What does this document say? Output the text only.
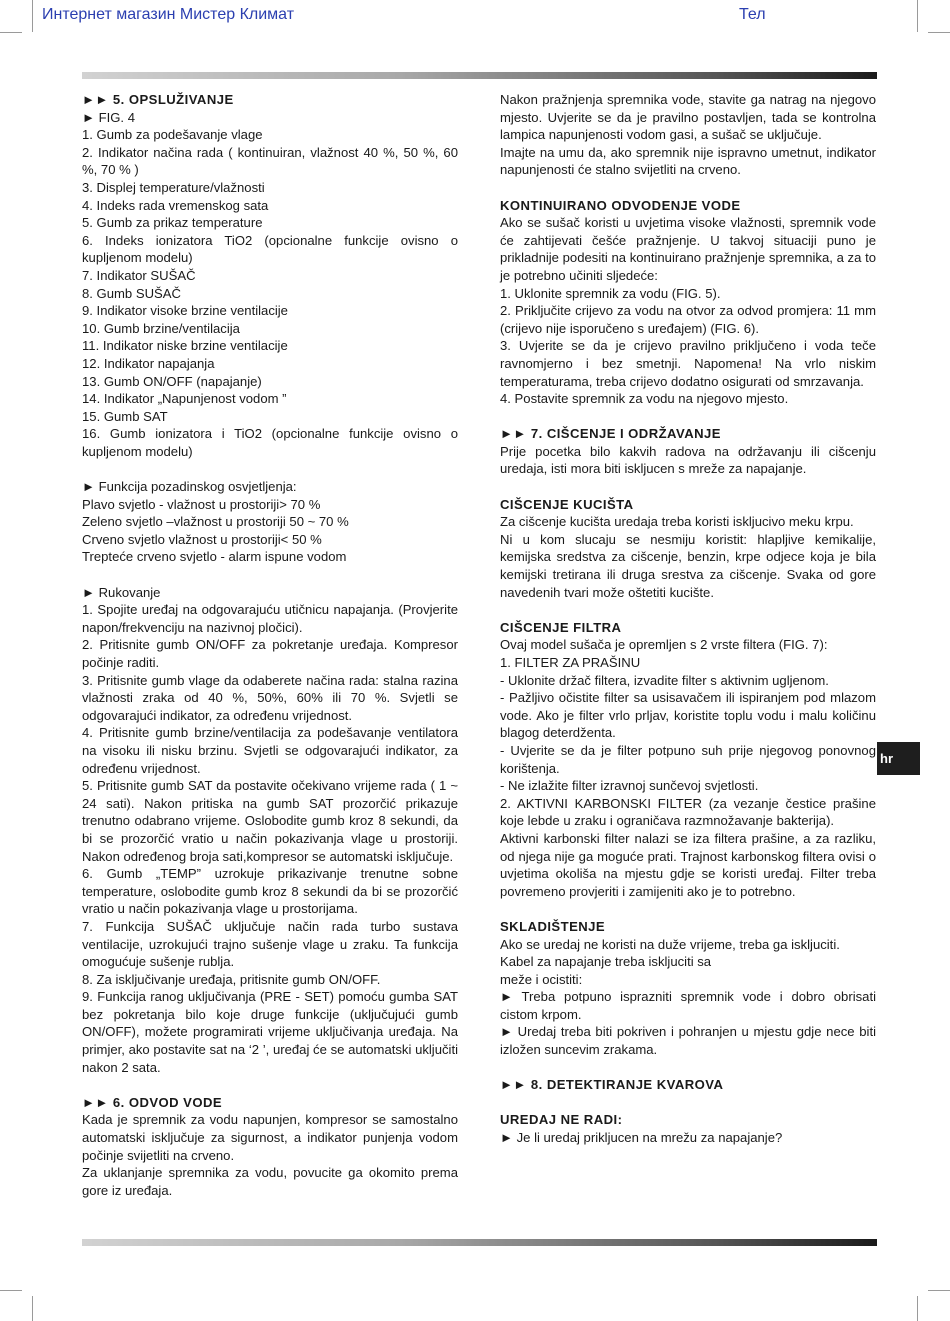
Интернет магазин Мистер Климат	Тел

►► 5. OPSLUŽIVANJE

► FIG. 4

1. Gumb za podešavanje vlage

2. Indikator načina rada ( kontinuiran, vlažnost 40 %, 50 %, 60 %, 70 % )

3. Displej temperature/vlažnosti

4. Indeks rada vremenskog sata

5. Gumb za prikaz temperature

6. Indeks ionizatora TiO2 (opcionalne funkcije ovisno o kupljenom modelu)

7. Indikator SUŠAČ

8. Gumb SUŠAČ

9. Indikator visoke brzine ventilacije

10. Gumb brzine/ventilacija

11. Indikator niske brzine ventilacije

12. Indikator napajanja

13. Gumb ON/OFF (napajanje)

14. Indikator „Napunjenost vodom ”

15. Gumb SAT

16. Gumb ionizatora i TiO2 (opcionalne funkcije ovisno o kupljenom modelu)

► Funkcija pozadinskog osvjetljenja:

Plavo svjetlo - vlažnost u prostoriji> 70 %

Zeleno svjetlo –vlažnost u prostoriji 50 ~ 70 %

Crveno svjetlo vlažnost u prostoriji< 50 %

Trepteće crveno svjetlo - alarm ispune vodom

► Rukovanje

1. Spojite uređaj na odgovarajuću utičnicu napajanja. (Provjerite napon/frekvenciju na nazivnoj pločici).

2. Pritisnite gumb ON/OFF za pokretanje uređaja. Kompresor počinje raditi.

3. Pritisnite gumb vlage da odaberete načina rada: stalna razina vlažnosti zraka od 40 %, 50%, 60% ili 70 %. Svjetli se odgovarajući indikator, za određenu vrijednost.

4. Pritisnite gumb brzine/ventilacija za podešavanje ventilatora na visoku ili nisku brzinu. Svjetli se odgovarajući indikator, za određenu vrijednost.

5. Pritisnite gumb SAT da postavite očekivano vrijeme rada ( 1 ~ 24 sati). Nakon pritiska na gumb SAT prozorčić prikazuje trenutno odabrano vrijeme. Oslobodite gumb kroz 8 sekundi, da bi se prozorčić vratio u način pokazivanja vlage u prostoriji. Nakon određenog broja sati,kompresor se automatski isključuje.

6. Gumb „TEMP” uzrokuje prikazivanje trenutne sobne temperature, oslobodite gumb kroz 8 sekundi da bi se prozorčić vratio u način pokazivanja vlage u prostorijama.

7. Funkcija SUŠAČ uključuje način rada turbo sustava ventilacije, uzrokujući trajno sušenje vlage u zraku. Ta funkcija omogućuje sušenje rublja.

8. Za isključivanje uređaja, pritisnite gumb ON/OFF.

9. Funkcija ranog uključivanja (PRE - SET) pomoću gumba SAT bez pokretanja bilo koje druge funkcije (uključujući gumb ON/OFF), možete programirati vrijeme uključivanja uređaja. Na primjer, ako postavite sat na ‘2 ’, uređaj će se automatski uključiti nakon 2 sata.

►► 6. ODVOD VODE

Kada je spremnik za vodu napunjen, kompresor se samostalno automatski isključuje za sigurnost, a indikator punjenja vodom počinje svijetliti na crveno.

Za uklanjanje spremnika za vodu, povucite ga okomito prema gore iz uređaja.

Nakon pražnjenja spremnika vode, stavite ga natrag na njegovo mjesto. Uvjerite se da je pravilno postavljen, tada se kontrolna lampica napunjenosti vodom gasi, a sušač se uključuje.

Imajte na umu da, ako spremnik nije ispravno umetnut, indikator napunjenosti će stalno svijetliti na crveno.

KONTINUIRANO ODVODENJE VODE

Ako se sušač koristi u uvjetima visoke vlažnosti, spremnik vode će zahtijevati češće pražnjenje. U takvoj situaciji puno je prikladnije podesiti na kontinuirano pražnjenje spremnika, a za to je potrebno učiniti sljedeće:

1. Uklonite spremnik za vodu (FIG. 5).

2. Priključite crijevo za vodu na otvor za odvod promjera: 11 mm (crijevo nije isporučeno s uređajem) (FIG. 6).

3. Uvjerite se da je crijevo pravilno priključeno i voda teče ravnomjerno i bez smetnji. Napomena! Na vrlo niskim temperaturama, treba crijevo dodatno osigurati od smrzavanja.

4. Postavite spremnik za vodu na njegovo mjesto.

►► 7. CIŠCENJE I ODRŽAVANJE

Prije pocetka bilo kakvih radova na održavanju ili cišcenju uredaja, isti mora biti iskljucen s mreže za napajanje.

CIŠCENJE KUCIŠTA

Za cišcenje kucišta uredaja treba koristi iskljucivo meku krpu.

Ni u kom slucaju se nesmiju koristit: hlapljive kemikalije, kemijska sredstva za cišcenje, benzin, krpe odjece koja je bila kemijski tretirana ili druga srestva za cišcenje. Svaka od gore navedenih tvari može oštetiti kucište.

CIŠCENJE FILTRA

Ovaj model sušača je opremljen s 2 vrste filtera (FIG. 7):

1. FILTER ZA PRAŠINU

- Uklonite držač filtera, izvadite filter s aktivnim ugljenom.

- Pažljivo očistite filter sa usisavačem ili ispiranjem pod mlazom vode. Ako je filter vrlo prljav, koristite toplu vodu i malu količinu blagog deterdženta.

- Uvjerite se da je filter potpuno suh prije njegovog ponovnog korištenja.

- Ne izlažite filter izravnoj sunčevoj svjetlosti.

2. AKTIVNI KARBONSKI FILTER (za vezanje čestice prašine koje lebde u zraku i ograničava razmnožavanje bakterija).

Aktivni karbonski filter nalazi se iza filtera prašine, a za razliku, od njega nije ga moguće prati. Trajnost karbonskog filtera ovisi o uvjetima okoliša na mjestu gdje se koristi uređaj. Filter treba povremeno provjeriti i zamijeniti ako je to potrebno.

SKLADIŠTENJE

Ako se uredaj ne koristi na duže vrijeme, treba ga iskljuciti.

Kabel za napajanje treba iskljuciti sa

meže i ocistiti:

► Treba potpuno isprazniti spremnik vode i dobro obrisati cistom krpom.

► Uredaj treba biti pokriven i pohranjen u mjestu gdje nece biti izložen suncevim zrakama.

►► 8. DETEKTIRANJE KVAROVA

UREDAJ NE RADI:

► Je li uredaj prikljucen na mrežu za napajanje?

hr
